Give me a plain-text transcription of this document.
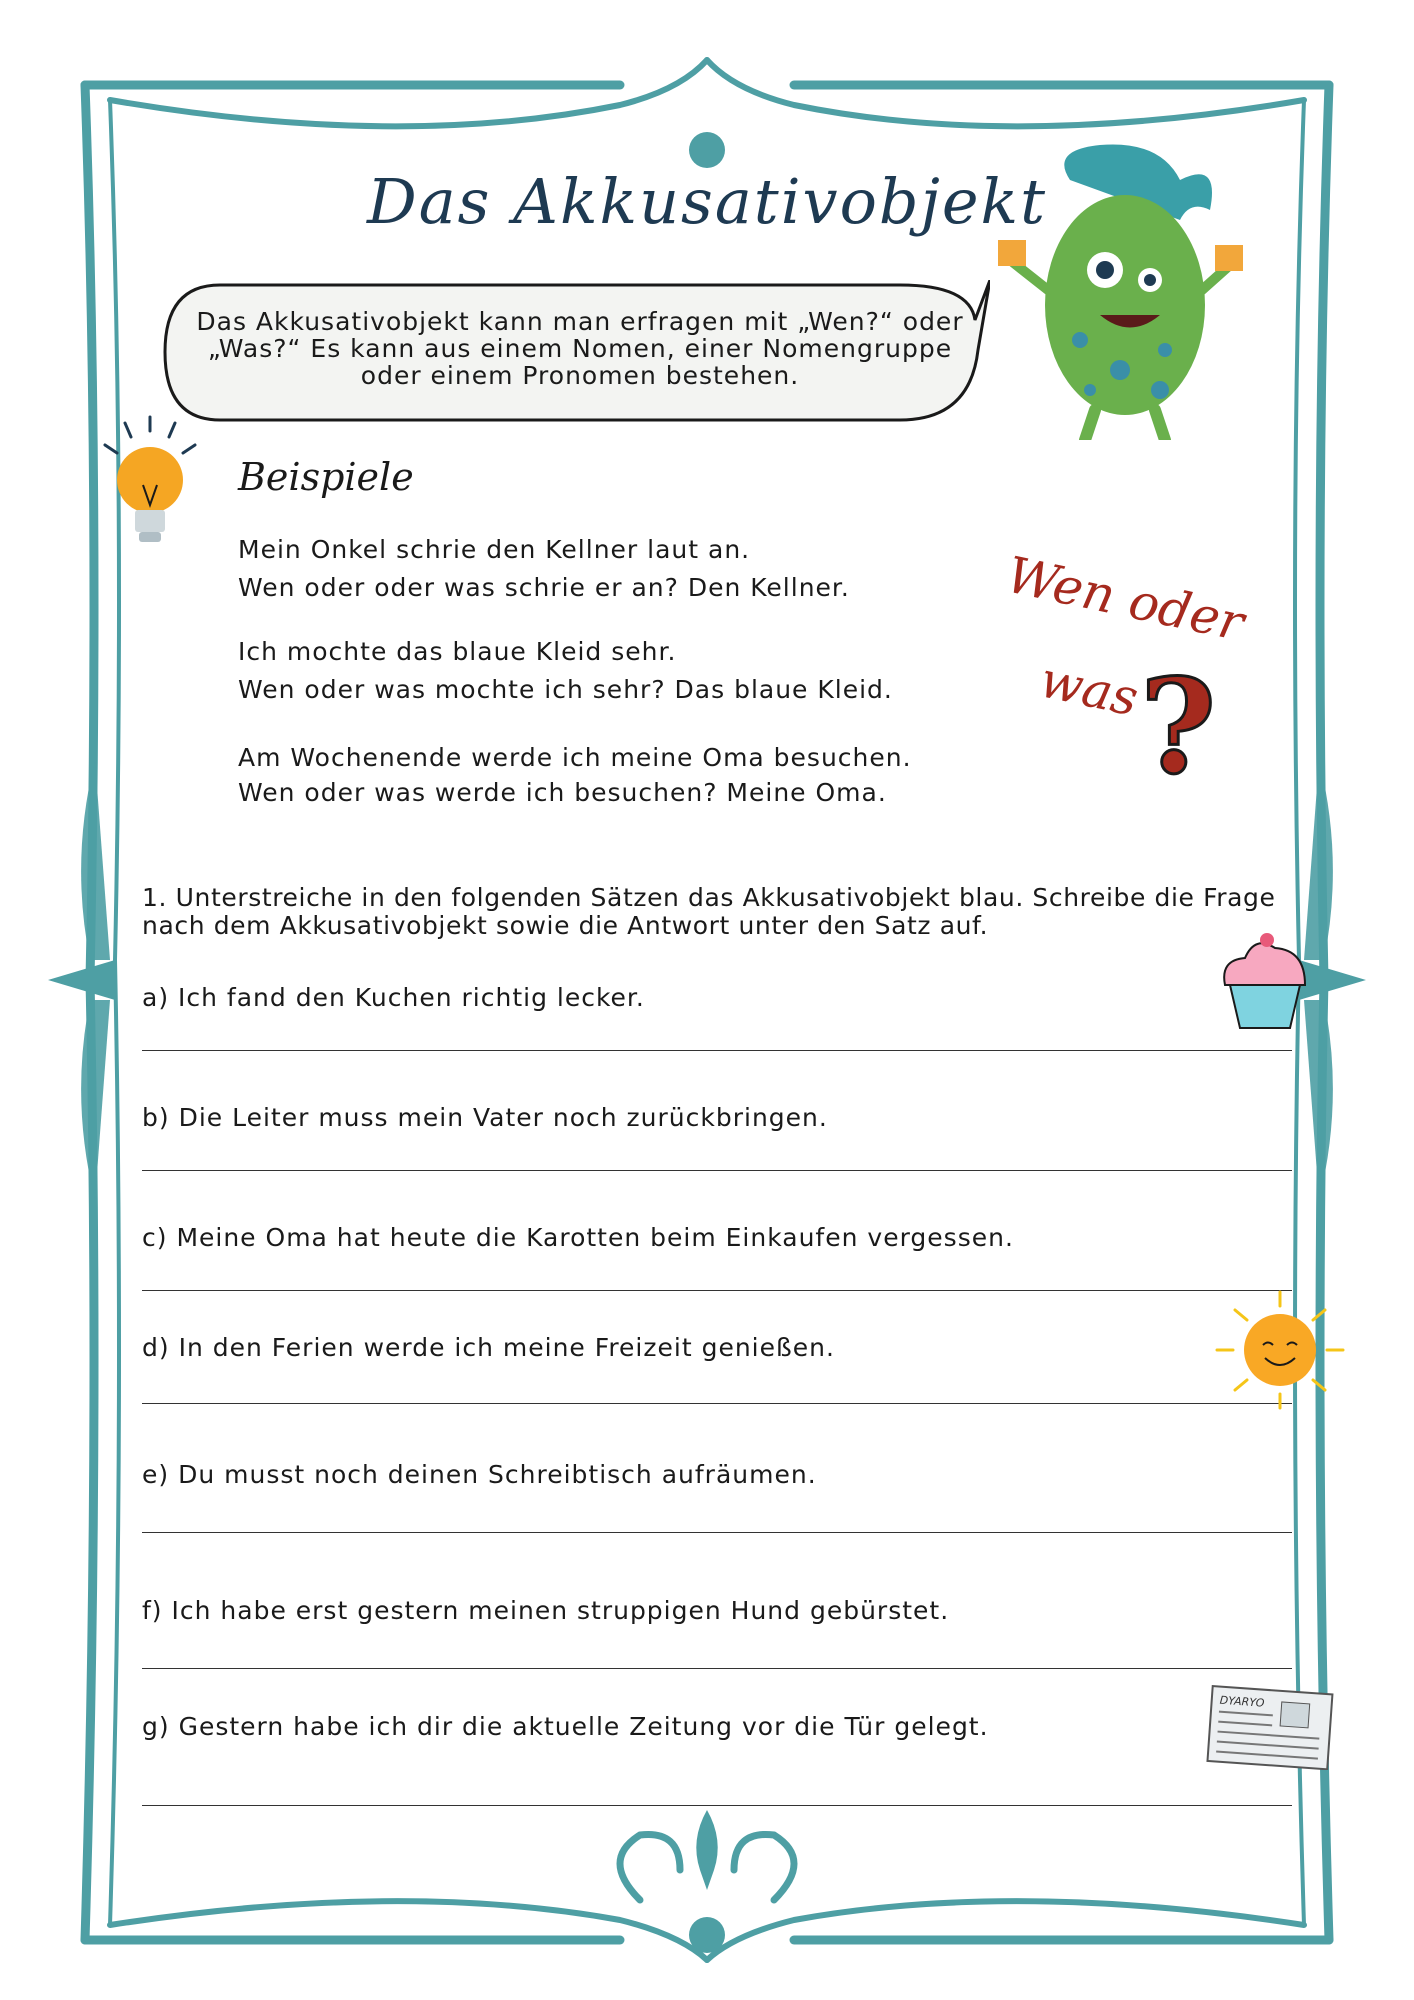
Das Akkusativobjekt
Das Akkusativobjekt kann man erfragen mit „Wen?“ oder
„Was?“ Es kann aus einem Nomen, einer Nomengruppe
oder einem Pronomen bestehen.
Beispiele
Mein Onkel schrie den Kellner laut an.
Wen oder oder was schrie er an? Den Kellner.
Ich mochte das blaue Kleid sehr.
Wen oder was mochte ich sehr? Das blaue Kleid.
Am Wochenende werde ich meine Oma besuchen.
Wen oder was werde ich besuchen? Meine Oma.
Wen oder
was
?
1. Unterstreiche in den folgenden Sätzen das Akkusativobjekt blau. Schreibe die Frage
nach dem Akkusativobjekt sowie die Antwort unter den Satz auf.
a) Ich fand den Kuchen richtig lecker.
b) Die Leiter muss mein Vater noch zurückbringen.
c) Meine Oma hat heute die Karotten beim Einkaufen vergessen.
d) In den Ferien werde ich meine Freizeit genießen.
e) Du musst noch deinen Schreibtisch aufräumen.
f) Ich habe erst gestern meinen struppigen Hund gebürstet.
g) Gestern habe ich dir die aktuelle Zeitung vor die Tür gelegt.
DYARYO
